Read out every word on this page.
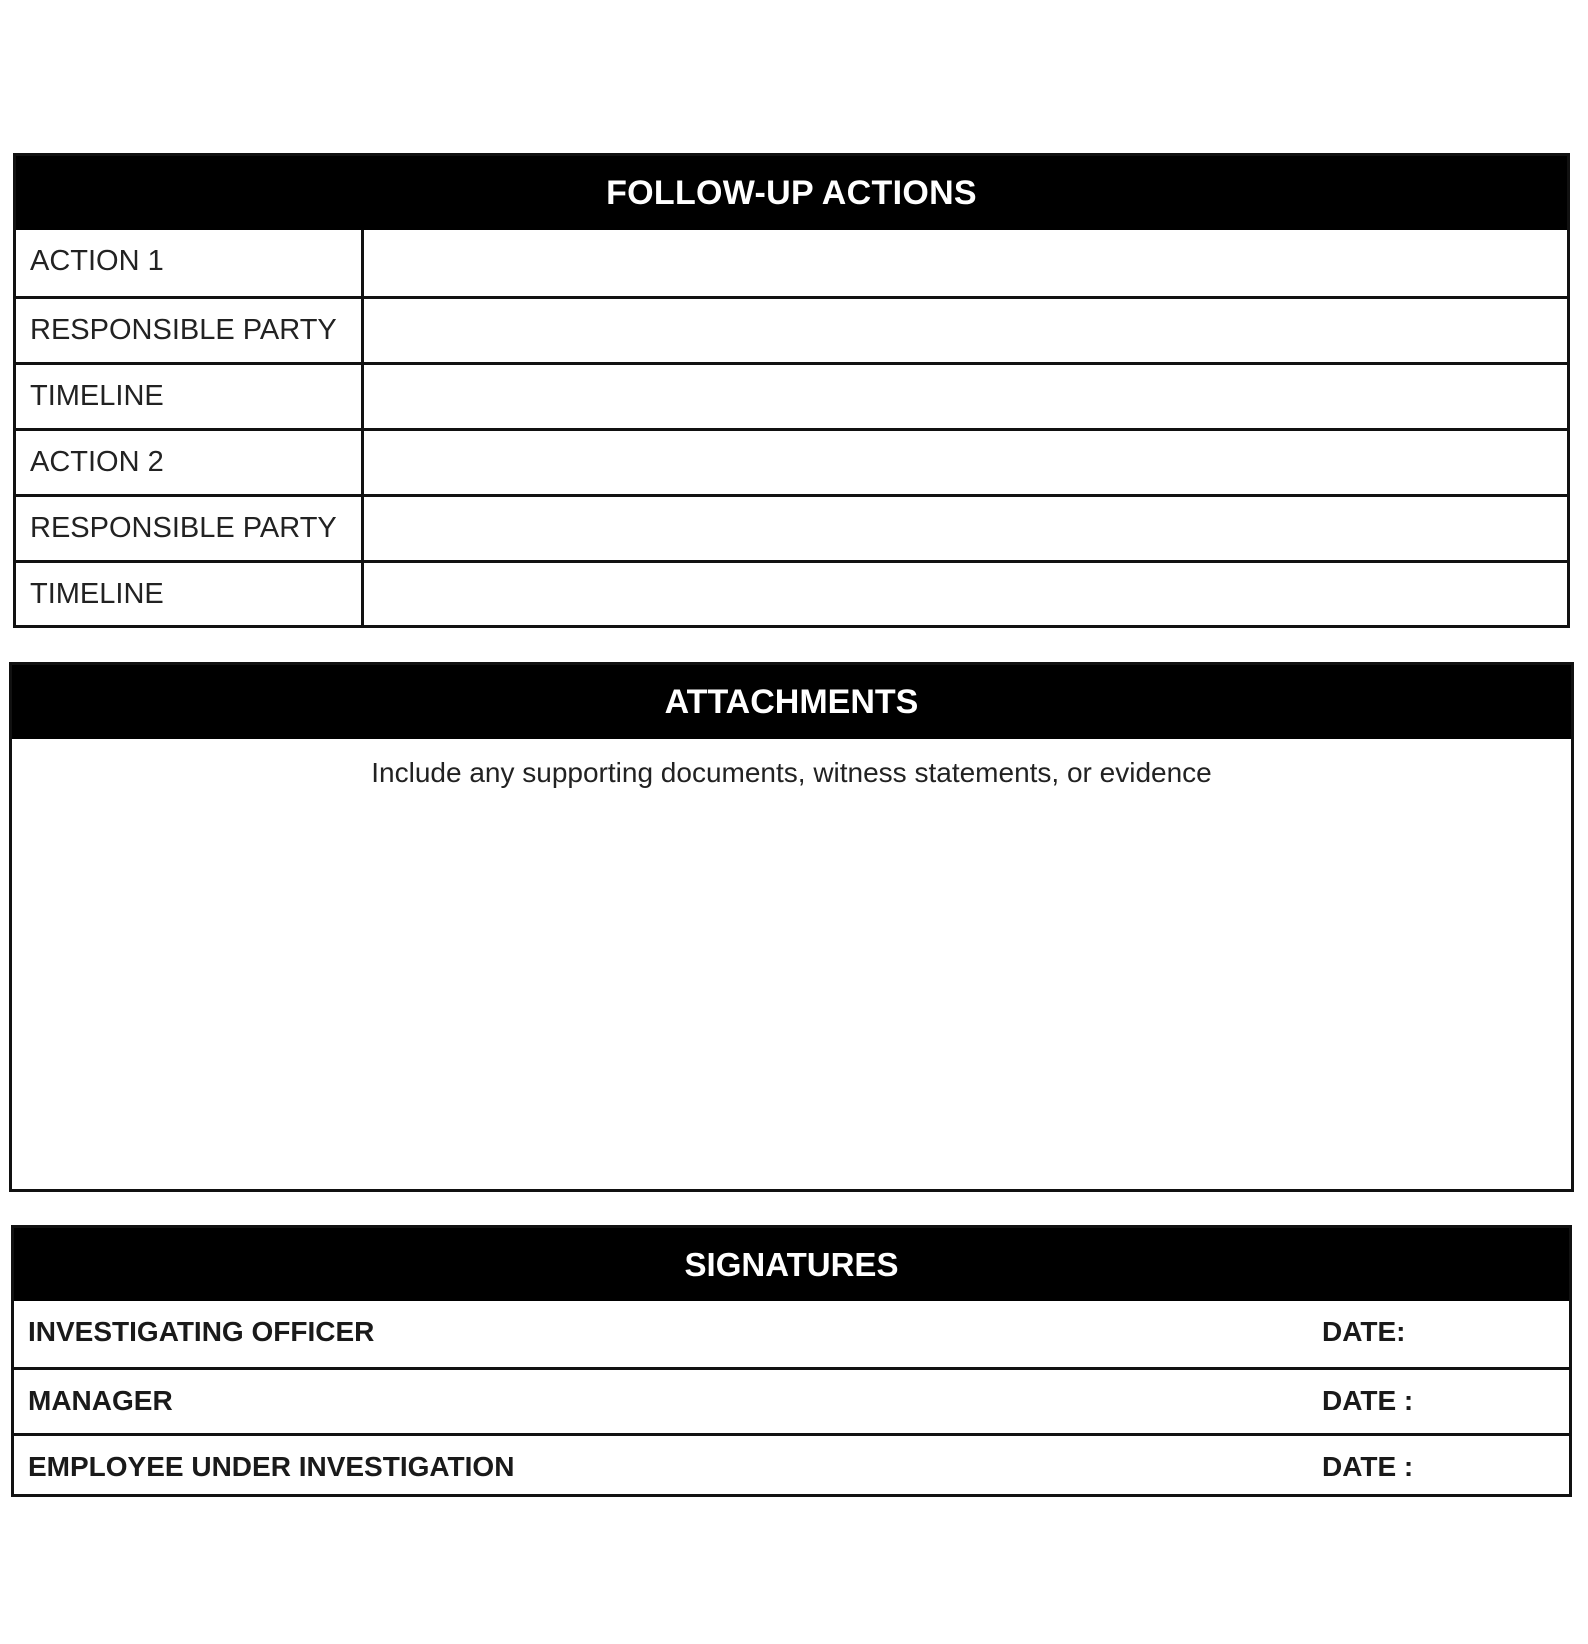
FOLLOW-UP ACTIONS
ACTION 1
RESPONSIBLE PARTY
TIMELINE
ACTION 2
RESPONSIBLE PARTY
TIMELINE
ATTACHMENTS
Include any supporting documents, witness statements, or evidence
SIGNATURES
INVESTIGATING OFFICER	DATE:
MANAGER	DATE :
EMPLOYEE UNDER INVESTIGATION	DATE :
